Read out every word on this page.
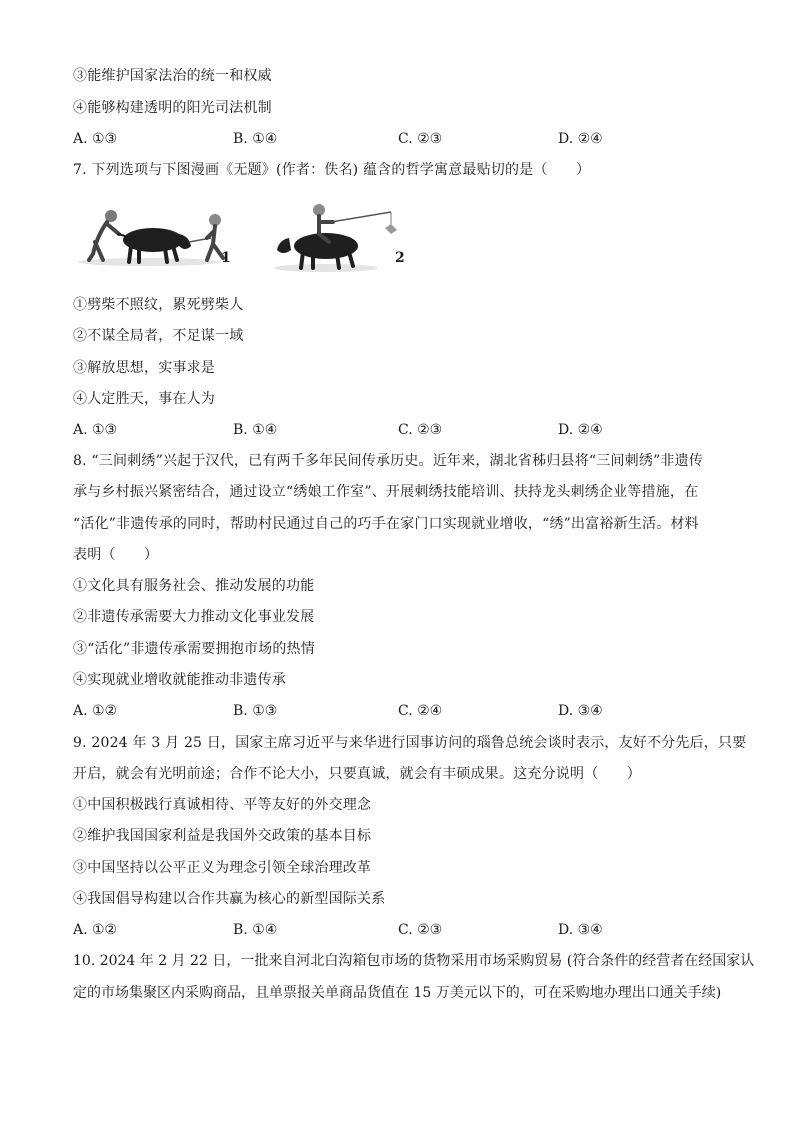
③能维护国家法治的统一和权威
④能够构建透明的阳光司法机制
A. ①③	B. ①④	C. ②③	D. ②④
7. 下列选项与下图漫画《无题》(作者：佚名) 蕴含的哲学寓意最贴切的是（　　）
1	2
①劈柴不照纹，累死劈柴人
②不谋全局者，不足谋一域
③解放思想，实事求是
④人定胜天，事在人为
A. ①③	B. ①④	C. ②③	D. ②④
8. “三间刺绣”兴起于汉代，已有两千多年民间传承历史。近年来，湖北省秭归县将“三间刺绣”非遗传
承与乡村振兴紧密结合，通过设立“绣娘工作室”、开展刺绣技能培训、扶持龙头刺绣企业等措施，在
“活化”非遗传承的同时，帮助村民通过自己的巧手在家门口实现就业增收，“绣”出富裕新生活。材料
表明（　　）
①文化具有服务社会、推动发展的功能
②非遗传承需要大力推动文化事业发展
③“活化”非遗传承需要拥抱市场的热情
④实现就业增收就能推动非遗传承
A. ①②	B. ①③	C. ②④	D. ③④
9. 2024 年 3 月 25 日，国家主席习近平与来华进行国事访问的瑙鲁总统会谈时表示，友好不分先后，只要
开启，就会有光明前途；合作不论大小，只要真诚，就会有丰硕成果。这充分说明（　　）
①中国积极践行真诚相待、平等友好的外交理念
②维护我国国家利益是我国外交政策的基本目标
③中国坚持以公平正义为理念引领全球治理改革
④我国倡导构建以合作共赢为核心的新型国际关系
A. ①②	B. ①④	C. ②③	D. ③④
10. 2024 年 2 月 22 日，一批来自河北白沟箱包市场的货物采用市场采购贸易 (符合条件的经营者在经国家认
定的市场集聚区内采购商品，且单票报关单商品货值在 15 万美元以下的，可在采购地办理出口通关手续)
